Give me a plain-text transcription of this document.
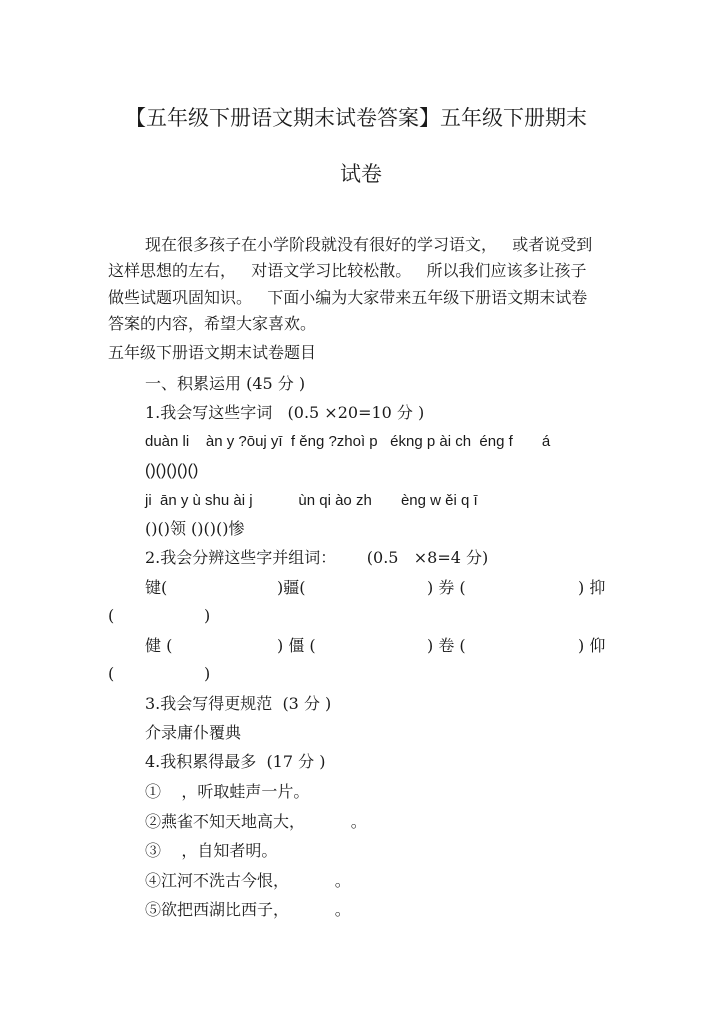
【五年级下册语文期末试卷答案】五年级下册期末
试卷
现在很多孩子在小学阶段就没有很好的学习语文，   或者说受到
这样思想的左右，   对语文学习比较松散。   所以我们应该多让孩子
做些试题巩固知识。   下面小编为大家带来五年级下册语文期末试卷
答案的内容，希望大家喜欢。
五年级下册语文期末试卷题目
一、积累运用 (45 分 )
1.我会写这些字词   (0.5 ×20=10 分 )
duàn li    àn y ?ōuj yī  f ěng ?zhoì p   ékng p ài ch  éng f       á
()()()()()
ji  ān y ù shu ài j           ùn qi ào zh       èng w ěi q ī
()()领 ()()()惨
2.我会分辨这些字并组词：      (0.5   ×8=4 分)
键(	)疆(	) 券 (	) 抑
(	)
健 (	) 僵 (	) 卷 (	) 仰
(	)
3.我会写得更规范  (3 分 )
介录庸仆覆典
4.我积累得最多  (17 分 )
①    ，听取蛙声一片。
②燕雀不知天地高大，         。
③    ，自知者明。
④江河不洗古今恨，         。
⑤欲把西湖比西子，         。
